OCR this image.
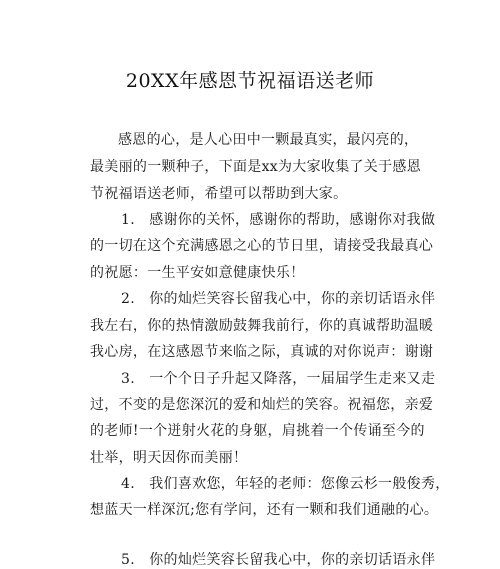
20XX年感恩节祝福语送老师
感恩的心，是人心田中一颗最真实，最闪亮的，
最美丽的一颗种子，下面是xx为大家收集了关于感恩
节祝福语送老师，希望可以帮助到大家。
1.　感谢你的关怀，感谢你的帮助，感谢你对我做
的一切在这个充满感恩之心的节日里，请接受我最真心
的祝愿：一生平安如意健康快乐！
2.　你的灿烂笑容长留我心中，你的亲切话语永伴
我左右，你的热情激励鼓舞我前行，你的真诚帮助温暖
我心房，在这感恩节来临之际，真诚的对你说声：谢谢
3.　一个个日子升起又降落，一届届学生走来又走
过，不变的是您深沉的爱和灿烂的笑容。祝福您，亲爱
的老师!一个迸射火花的身躯，肩挑着一个传诵至今的
壮举，明天因你而美丽！
4.　我们喜欢您，年轻的老师：您像云杉一般俊秀，
想蓝天一样深沉;您有学问，还有一颗和我们通融的心。
5.　你的灿烂笑容长留我心中，你的亲切话语永伴
